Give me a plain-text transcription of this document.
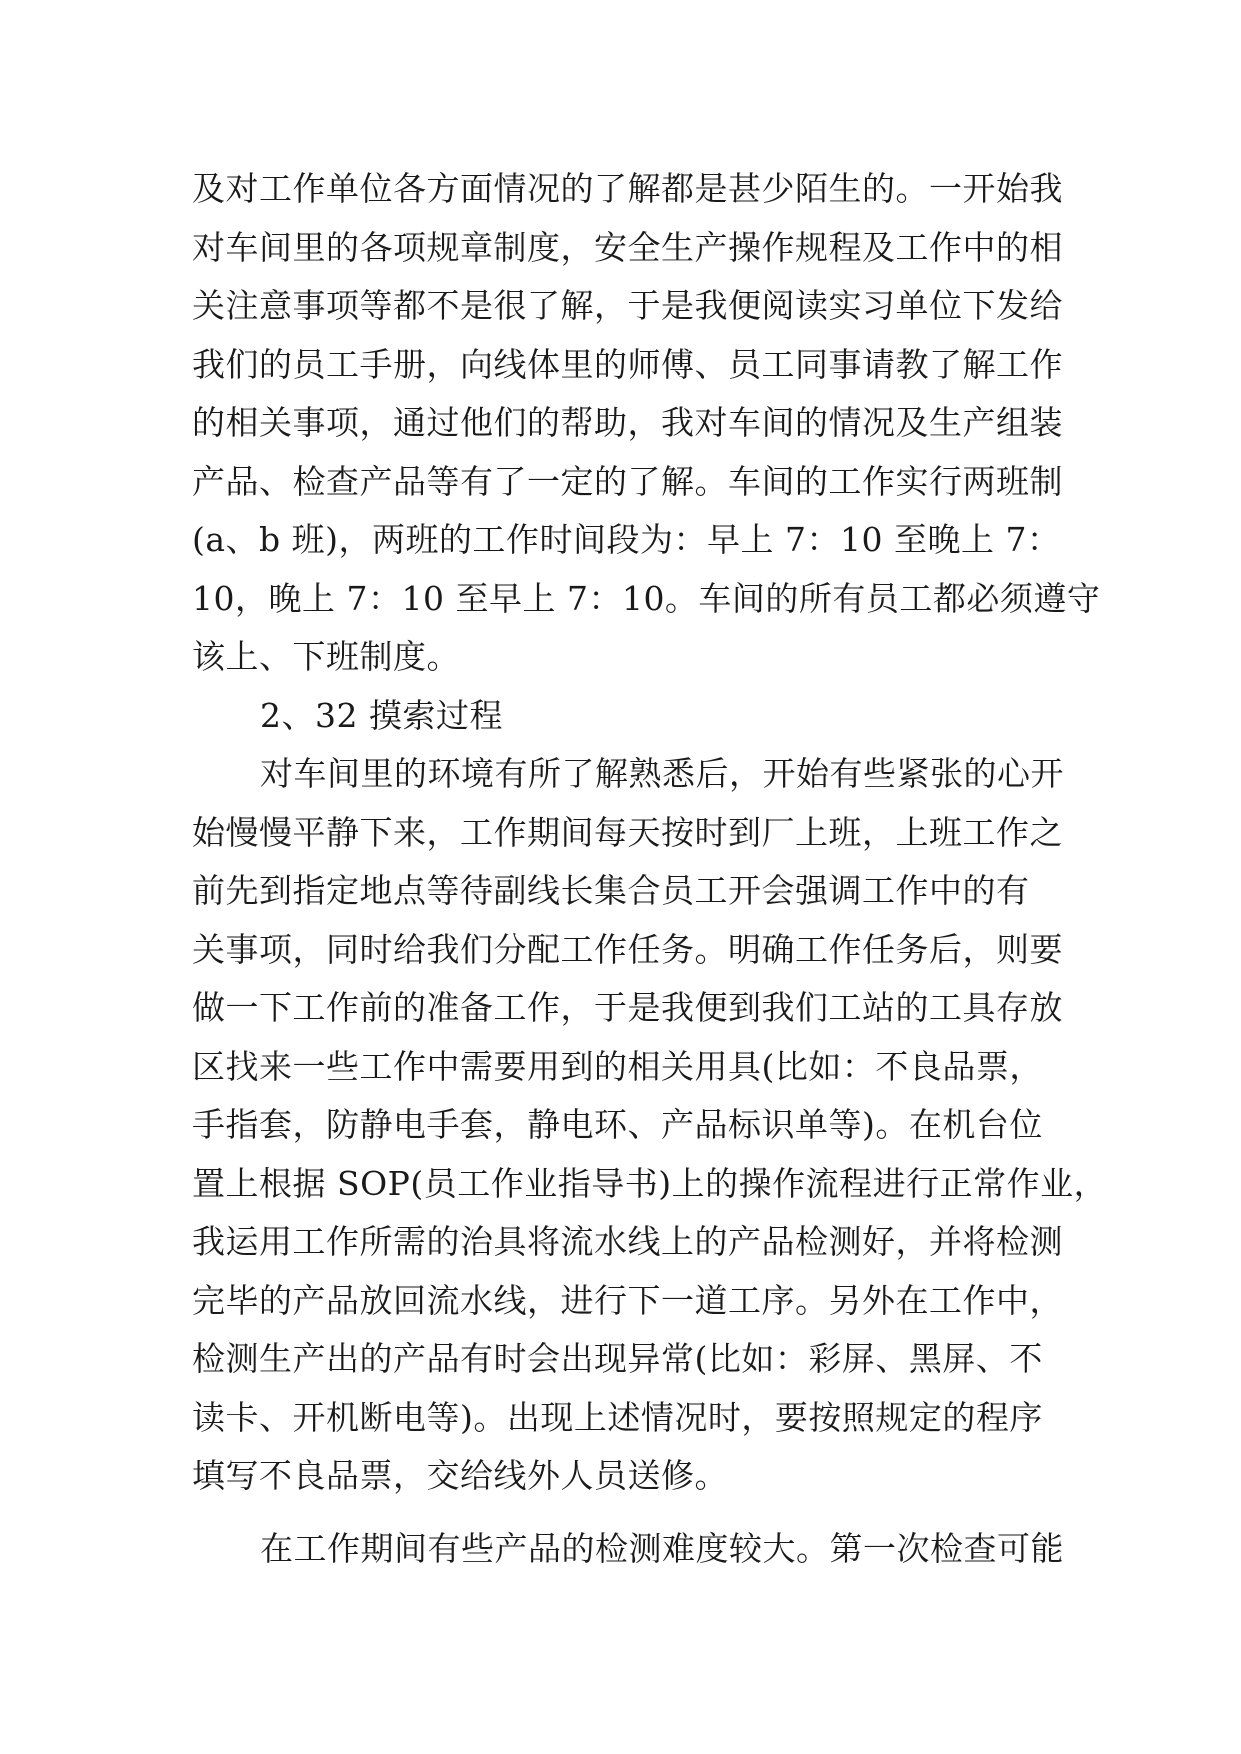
及对工作单位各方面情况的了解都是甚少陌生的。一开始我
对车间里的各项规章制度，安全生产操作规程及工作中的相
关注意事项等都不是很了解，于是我便阅读实习单位下发给
我们的员工手册，向线体里的师傅、员工同事请教了解工作
的相关事项，通过他们的帮助，我对车间的情况及生产组装
产品、检查产品等有了一定的了解。车间的工作实行两班制
(a、b 班)，两班的工作时间段为：早上 7：10 至晚上 7：
10，晚上 7：10 至早上 7：10。车间的所有员工都必须遵守
该上、下班制度。
2、32 摸索过程
对车间里的环境有所了解熟悉后，开始有些紧张的心开
始慢慢平静下来，工作期间每天按时到厂上班，上班工作之
前先到指定地点等待副线长集合员工开会强调工作中的有
关事项，同时给我们分配工作任务。明确工作任务后，则要
做一下工作前的准备工作，于是我便到我们工站的工具存放
区找来一些工作中需要用到的相关用具(比如：不良品票，
手指套，防静电手套，静电环、产品标识单等)。在机台位
置上根据 SOP(员工作业指导书)上的操作流程进行正常作业，
我运用工作所需的治具将流水线上的产品检测好，并将检测
完毕的产品放回流水线，进行下一道工序。另外在工作中，
检测生产出的产品有时会出现异常(比如：彩屏、黑屏、不
读卡、开机断电等)。出现上述情况时，要按照规定的程序
填写不良品票，交给线外人员送修。
在工作期间有些产品的检测难度较大。第一次检查可能
